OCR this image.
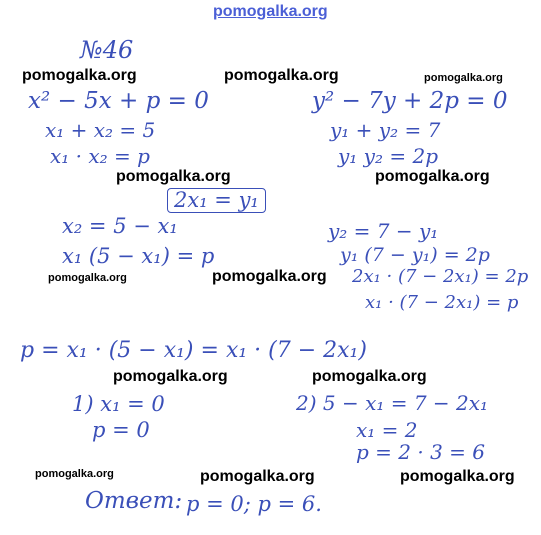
pomogalka.org
pomogalka.org	pomogalka.org	pomogalka.org
pomogalka.org	pomogalka.org
pomogalka.org	pomogalka.org
pomogalka.org	pomogalka.org
pomogalka.org	pomogalka.org	pomogalka.org
№46
x² − 5x + p = 0
x₁ + x₂ = 5
x₁ · x₂ = p
y² − 7y + 2p = 0
y₁ + y₂ = 7
y₁ y₂ = 2p
2x₁ = y₁
x₂ = 5 − x₁
x₁ (5 − x₁) = p
y₂ = 7 − y₁
y₁ (7 − y₁) = 2p
2x₁ · (7 − 2x₁) = 2p
x₁ · (7 − 2x₁) = p
p = x₁ · (5 − x₁) = x₁ · (7 − 2x₁)
1) x₁ = 0
p = 0
2) 5 − x₁ = 7 − 2x₁
x₁ = 2
p = 2 · 3 = 6
Ответ: p = 0; p = 6.
